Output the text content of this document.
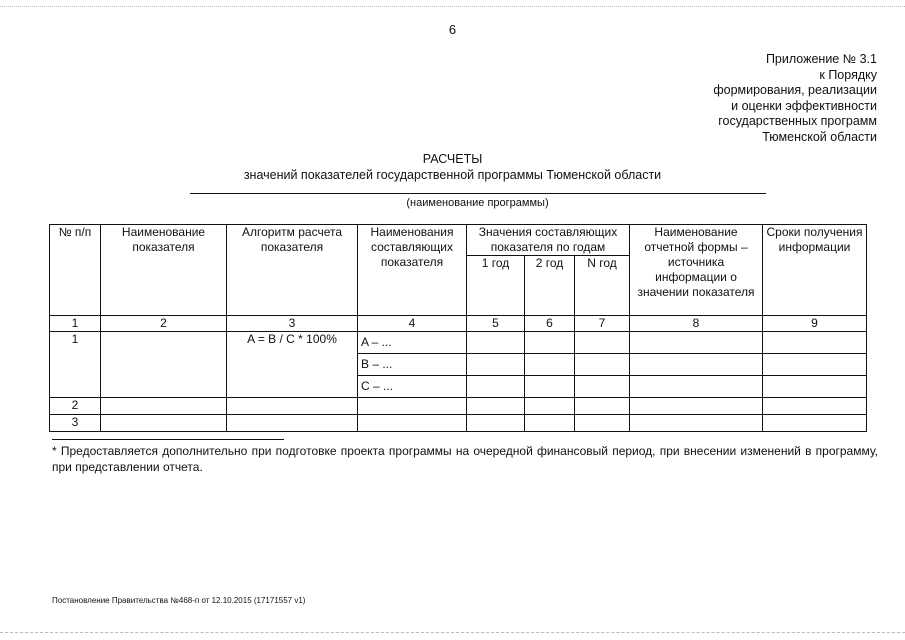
6
Приложение № 3.1
к Порядку
формирования, реализации
и оценки эффективности
государственных программ
Тюменской области
РАСЧЕТЫ
значений показателей государственной программы Тюменской области
(наименование программы)
№ п/п	Наименование показателя	Алгоритм расчета показателя	Наименования составляющих показателя	Значения составляющих показателя по годам			Наименование отчетной формы – источника информации о значении показателя	Сроки получения информации
				1 год	2 год	N год		
1	2	3	4	5	6	7	8	9
1		A = B / C * 100%	A – ...					
			B – ...					
			C – ...					
2								
3								
* Предоставляется дополнительно при подготовке проекта программы на очередной финансовый период, при внесении изменений в программу, при представлении отчета.
Постановление Правительства №468-п от 12.10.2015 (17171557 v1)
